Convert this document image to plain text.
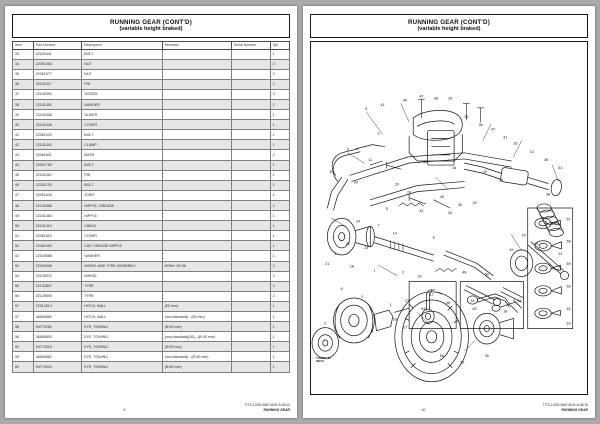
RUNNING GEAR (CONT'D)
(variable height braked)
Item	Part Number	Description	Remarks	Serial Number	Qty
33	22241641	BOLT			1
34	22051464	NUT			2
35	22061577	NUT			2
36	22241517	PIN			2
37	22241593	SCREW			3
38	22241491	WASHER			2
39	22241508	SLIDER			1
40	22241046	COVER			1
41	22061003	BOLT			1
42	22241442	CLAMP			1
43	22061601	BUSH			2
44	22051760	BOLT			1
45	22241160	PIN			1
46	22241178	BOLT			1
47	22001644	JOINT			1
48	22241885	NIPPLE, GREASE			2
49	22241480	NIPPLE			1
50	22241410	CABLE			1
51	22081810	COVER			1
52	22081950	CAP, GREASE NIPPLE			1
52	22100686	WASHER			1
53	22104006	WHEEL AND TYRE ASSEMBLY	W/Ref. 55-56		2
54	22129570	WHEEL			2
55	22132847	TYRE			2
56	22129595	TYRE			2
57	22312813	HITCH, BALL	(50 mm)		1
57	46560860	HITCH, BALL	(non-standard) - (50 mm)		1
58	54770250	EYE, TOWING	(Ø 40 mm)		1
58	46560800	EYE, TOWING	(non-standard)(26) - (Ø 40 mm)		1
59	54774018	EYE, TOWING	(Ø 50 mm)		1
59	46560863	EYE, TOWING	(non-standard) - (Ø 50 mm)		1
60	54774024	EYE, TOWING	(Ø 60 mm)		1
9
T/TS-10/53 46674100-A 06/10
RUNNING GEAR
RUNNING GEAR (CONT'D)
(variable height braked)
9
41
40
42
38	29
6
3
32
46
47
31
33
13
36
61
39
11
37
16
43
34
38
20
24
34
45
30
29
5
42
34
24
7
14
8
15
49
22
23
4
21
18
1
3
19
48
50
12
19
6
2
1
27
17
46
44
18
2
3
53
27
56
55
26
64	63
57
58
59
60
62
63
67
T/AMM_30
06/10
10
T/TS-10/53 46674100-A 06/10
RUNNING GEAR
